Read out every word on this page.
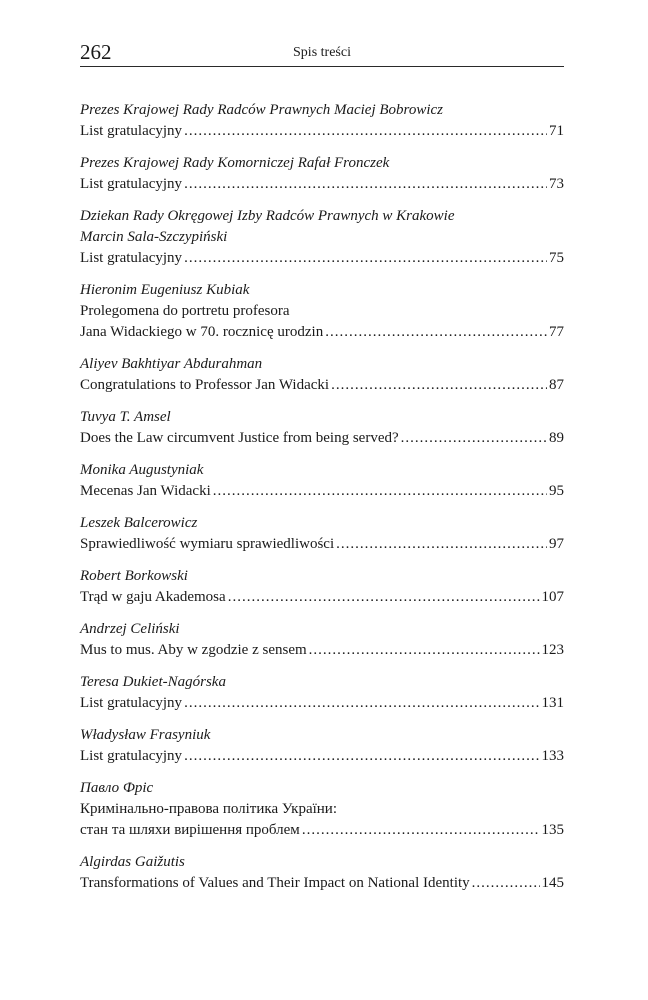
262	Spis treści
Prezes Krajowej Rady Radców Prawnych Maciej Bobrowicz
List gratulacyjny .....	71
Prezes Krajowej Rady Komorniczej Rafał Fronczek
List gratulacyjny .....	73
Dziekan Rady Okręgowej Izby Radców Prawnych w Krakowie
Marcin Sala-Szczypiński
List gratulacyjny .....	75
Hieronim Eugeniusz Kubiak
Prolegomena do portretu profesora
Jana Widackiego w 70. rocznicę urodzin .....	77
Aliyev Bakhtiyar Abdurahman
Congratulations to Professor Jan Widacki .....	87
Tuvya T. Amsel
Does the Law circumvent Justice from being served? .....	89
Monika Augustyniak
Mecenas Jan Widacki .....	95
Leszek Balcerowicz
Sprawiedliwość wymiaru sprawiedliwości .....	97
Robert Borkowski
Trąd w gaju Akademosa .....	107
Andrzej Celiński
Mus to mus. Aby w zgodzie z sensem .....	123
Teresa Dukiet-Nagórska
List gratulacyjny .....	131
Władysław Frasyniuk
List gratulacyjny .....	133
Павло Фріс
Кримінально-правова політика України:
стан та шляхи вирішення проблем .....	135
Algirdas Gaižutis
Transformations of Values and Their Impact on National Identity .....	145
